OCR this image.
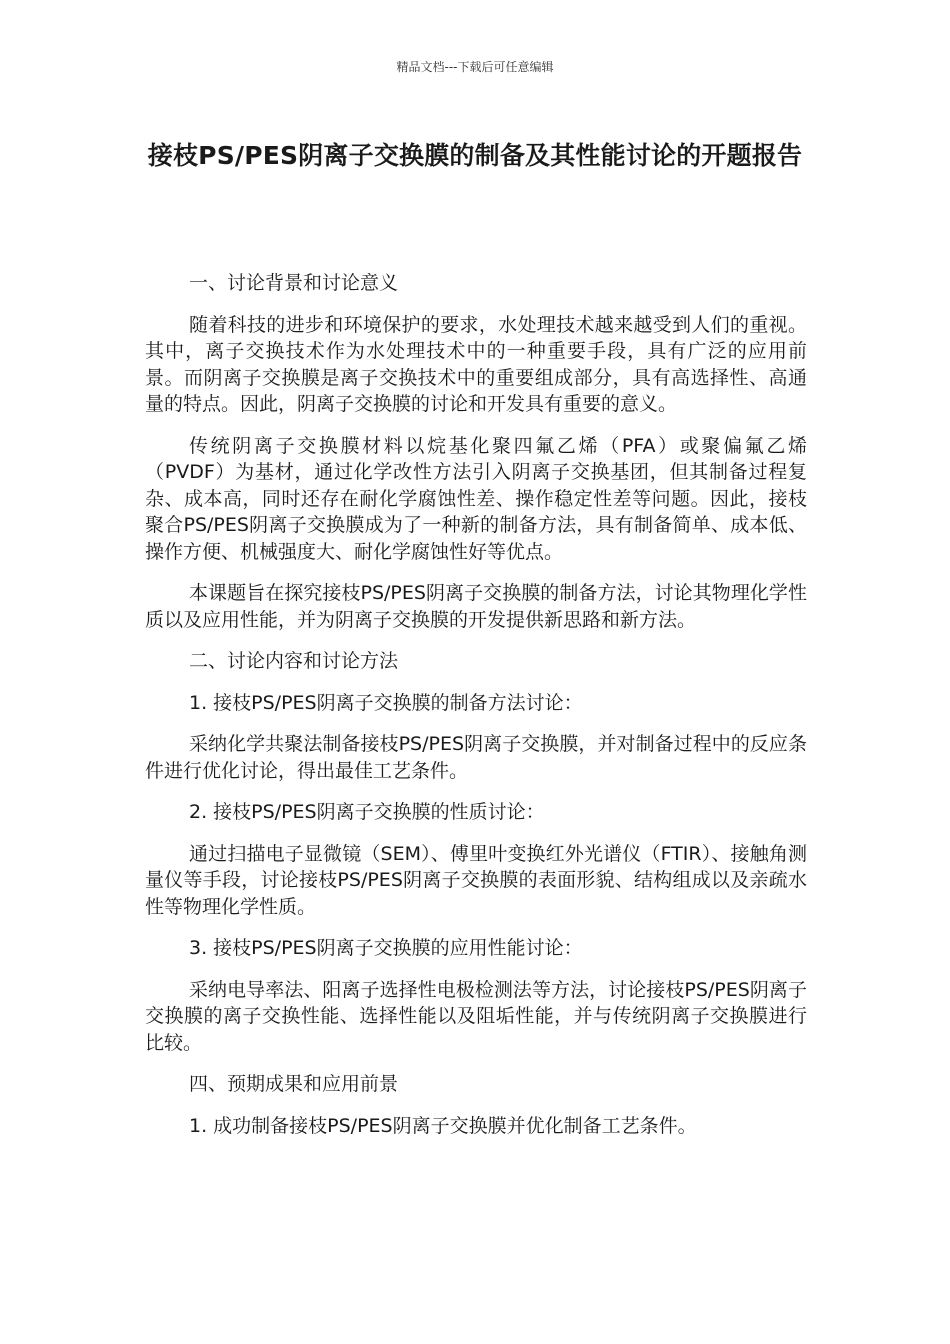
精品文档---下载后可任意编辑
接枝PS/PES阴离子交换膜的制备及其性能讨论的开题报告
一、讨论背景和讨论意义
随着科技的进步和环境保护的要求，水处理技术越来越受到人们的重视。其中，离子交换技术作为水处理技术中的一种重要手段，具有广泛的应用前景。而阴离子交换膜是离子交换技术中的重要组成部分，具有高选择性、高通量的特点。因此，阴离子交换膜的讨论和开发具有重要的意义。
传统阴离子交换膜材料以烷基化聚四氟乙烯（PFA）或聚偏氟乙烯（PVDF）为基材，通过化学改性方法引入阴离子交换基团，但其制备过程复杂、成本高，同时还存在耐化学腐蚀性差、操作稳定性差等问题。因此，接枝聚合PS/PES阴离子交换膜成为了一种新的制备方法，具有制备简单、成本低、操作方便、机械强度大、耐化学腐蚀性好等优点。
本课题旨在探究接枝PS/PES阴离子交换膜的制备方法，讨论其物理化学性质以及应用性能，并为阴离子交换膜的开发提供新思路和新方法。
二、讨论内容和讨论方法
1. 接枝PS/PES阴离子交换膜的制备方法讨论：
采纳化学共聚法制备接枝PS/PES阴离子交换膜，并对制备过程中的反应条件进行优化讨论，得出最佳工艺条件。
2. 接枝PS/PES阴离子交换膜的性质讨论：
通过扫描电子显微镜（SEM）、傅里叶变换红外光谱仪（FTIR）、接触角测量仪等手段，讨论接枝PS/PES阴离子交换膜的表面形貌、结构组成以及亲疏水性等物理化学性质。
3. 接枝PS/PES阴离子交换膜的应用性能讨论：
采纳电导率法、阳离子选择性电极检测法等方法，讨论接枝PS/PES阴离子交换膜的离子交换性能、选择性能以及阻垢性能，并与传统阴离子交换膜进行比较。
四、预期成果和应用前景
1. 成功制备接枝PS/PES阴离子交换膜并优化制备工艺条件。
